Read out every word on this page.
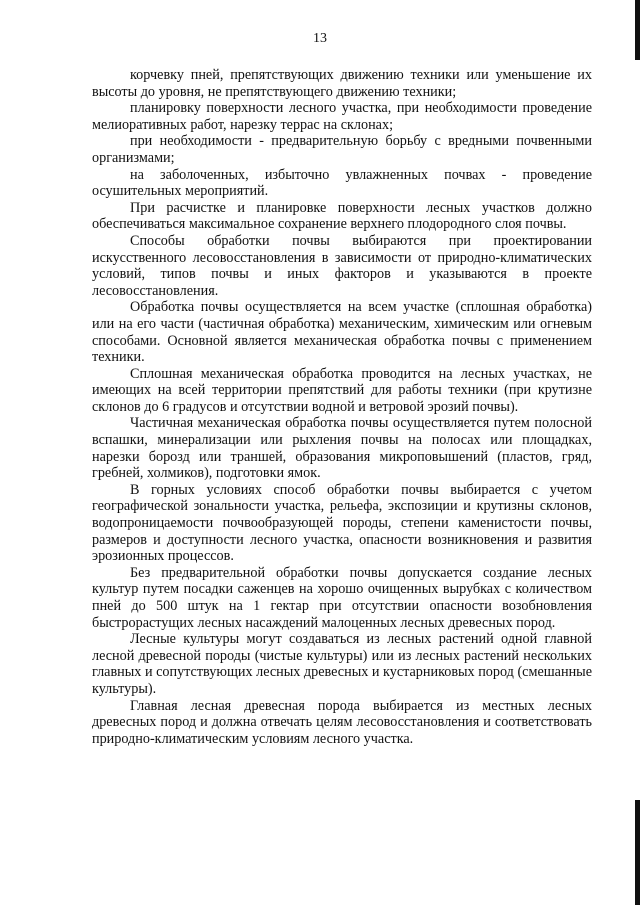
13

корчевку пней, препятствующих движению техники или уменьшение их высоты до уровня, не препятствующего движению техники;

планировку поверхности лесного участка, при необходимости проведение мелиоративных работ, нарезку террас на склонах;

при необходимости - предварительную борьбу с вредными почвенными организмами;

на заболоченных, избыточно увлажненных почвах - проведение осушительных мероприятий.

При расчистке и планировке поверхности лесных участков должно обеспечиваться максимальное сохранение верхнего плодородного слоя почвы.

Способы обработки почвы выбираются при проектировании искусственного лесовосстановления в зависимости от природно-климатических условий, типов почвы и иных факторов и указываются в проекте лесовосстановления.

Обработка почвы осуществляется на всем участке (сплошная обработка) или на его части (частичная обработка) механическим, химическим или огневым способами. Основной является механическая обработка почвы с применением техники.

Сплошная механическая обработка проводится на лесных участках, не имеющих на всей территории препятствий для работы техники (при крутизне склонов до 6 градусов и отсутствии водной и ветровой эрозий почвы).

Частичная механическая обработка почвы осуществляется путем полосной вспашки, минерализации или рыхления почвы на полосах или площадках, нарезки борозд или траншей, образования микроповышений (пластов, гряд, гребней, холмиков), подготовки ямок.

В горных условиях способ обработки почвы выбирается с учетом географической зональности участка, рельефа, экспозиции и крутизны склонов, водопроницаемости почвообразующей породы, степени каменистости почвы, размеров и доступности лесного участка, опасности возникновения и развития эрозионных процессов.

Без предварительной обработки почвы допускается создание лесных культур путем посадки саженцев на хорошо очищенных вырубках с количеством пней до 500 штук на 1 гектар при отсутствии опасности возобновления быстрорастущих лесных насаждений малоценных лесных древесных пород.

Лесные культуры могут создаваться из лесных растений одной главной лесной древесной породы (чистые культуры) или из лесных растений нескольких главных и сопутствующих лесных древесных и кустарниковых пород (смешанные культуры).

Главная лесная древесная порода выбирается из местных лесных древесных пород и должна отвечать целям лесовосстановления и соответствовать природно-климатическим условиям лесного участка.
